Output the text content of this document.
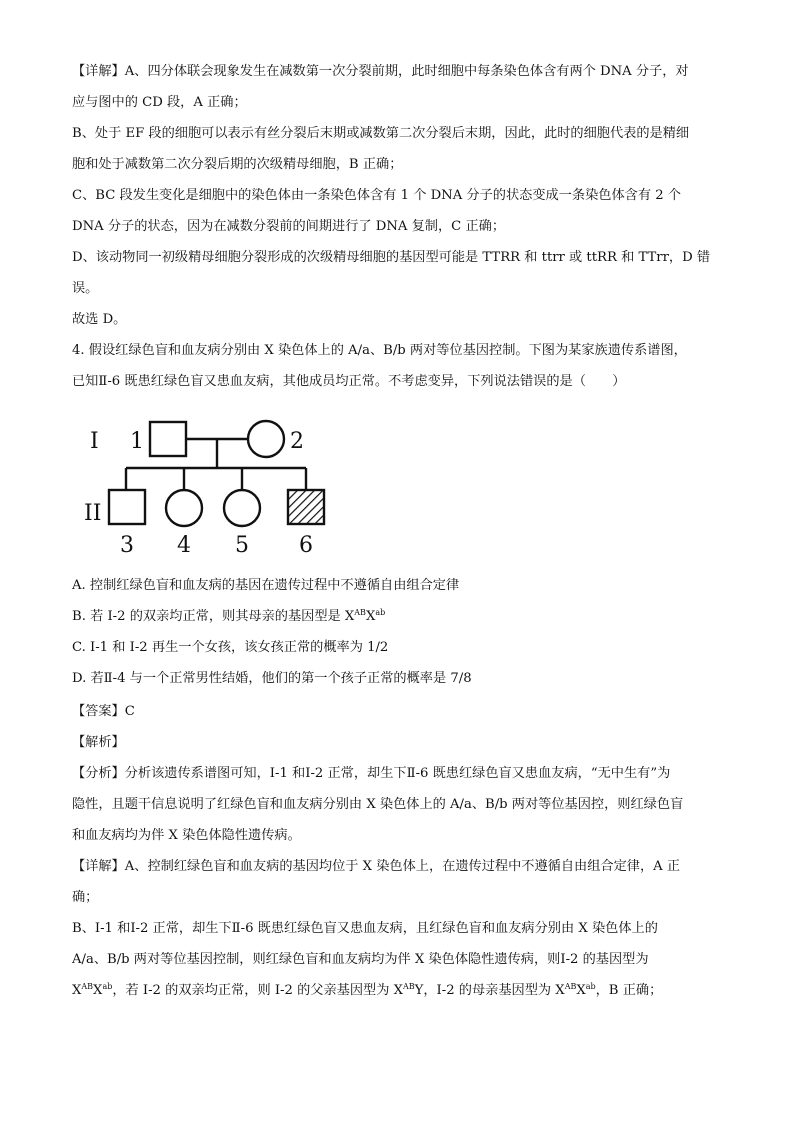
【详解】A、四分体联会现象发生在减数第一次分裂前期，此时细胞中每条染色体含有两个 DNA 分子，对
应与图中的 CD 段，A 正确；
B、处于 EF 段的细胞可以表示有丝分裂后末期或减数第二次分裂后末期，因此，此时的细胞代表的是精细
胞和处于减数第二次分裂后期的次级精母细胞，B 正确；
C、BC 段发生变化是细胞中的染色体由一条染色体含有 1 个 DNA 分子的状态变成一条染色体含有 2 个
DNA 分子的状态，因为在减数分裂前的间期进行了 DNA 复制，C 正确；
D、该动物同一初级精母细胞分裂形成的次级精母细胞的基因型可能是 TTRR 和 ttrr 或 ttRR 和 TTrr，D 错
误。
故选 D。
4. 假设红绿色盲和血友病分别由 X 染色体上的 A/a、B/b 两对等位基因控制。下图为某家族遗传系谱图，
已知Ⅱ-6 既患红绿色盲又患血友病，其他成员均正常。不考虑变异，下列说法错误的是（　　）
I 1	2
II
3 4 5 6
A. 控制红绿色盲和血友病的基因在遗传过程中不遵循自由组合定律
B. 若 I-2 的双亲均正常，则其母亲的基因型是 $X^{AB}X^{ab}$
C. I-1 和 I-2 再生一个女孩，该女孩正常的概率为 1/2
D. 若Ⅱ-4 与一个正常男性结婚，他们的第一个孩子正常的概率是 7/8
【答案】C
【解析】
【分析】分析该遗传系谱图可知，Ⅰ-1 和Ⅰ-2 正常，却生下Ⅱ-6 既患红绿色盲又患血友病，“无中生有”为
隐性，且题干信息说明了红绿色盲和血友病分别由 X 染色体上的 A/a、B/b 两对等位基因控，则红绿色盲
和血友病均为伴 X 染色体隐性遗传病。
【详解】A、控制红绿色盲和血友病的基因均位于 X 染色体上，在遗传过程中不遵循自由组合定律，A 正
确；
B、Ⅰ-1 和Ⅰ-2 正常，却生下Ⅱ-6 既患红绿色盲又患血友病，且红绿色盲和血友病分别由 X 染色体上的
A/a、B/b 两对等位基因控制，则红绿色盲和血友病均为伴 X 染色体隐性遗传病，则Ⅰ-2 的基因型为
$X^{AB}X^{ab}$，若 I-2 的双亲均正常，则 I-2 的父亲基因型为 $X^{AB}Y$，I-2 的母亲基因型为 $X^{AB}X^{ab}$，B 正确；
